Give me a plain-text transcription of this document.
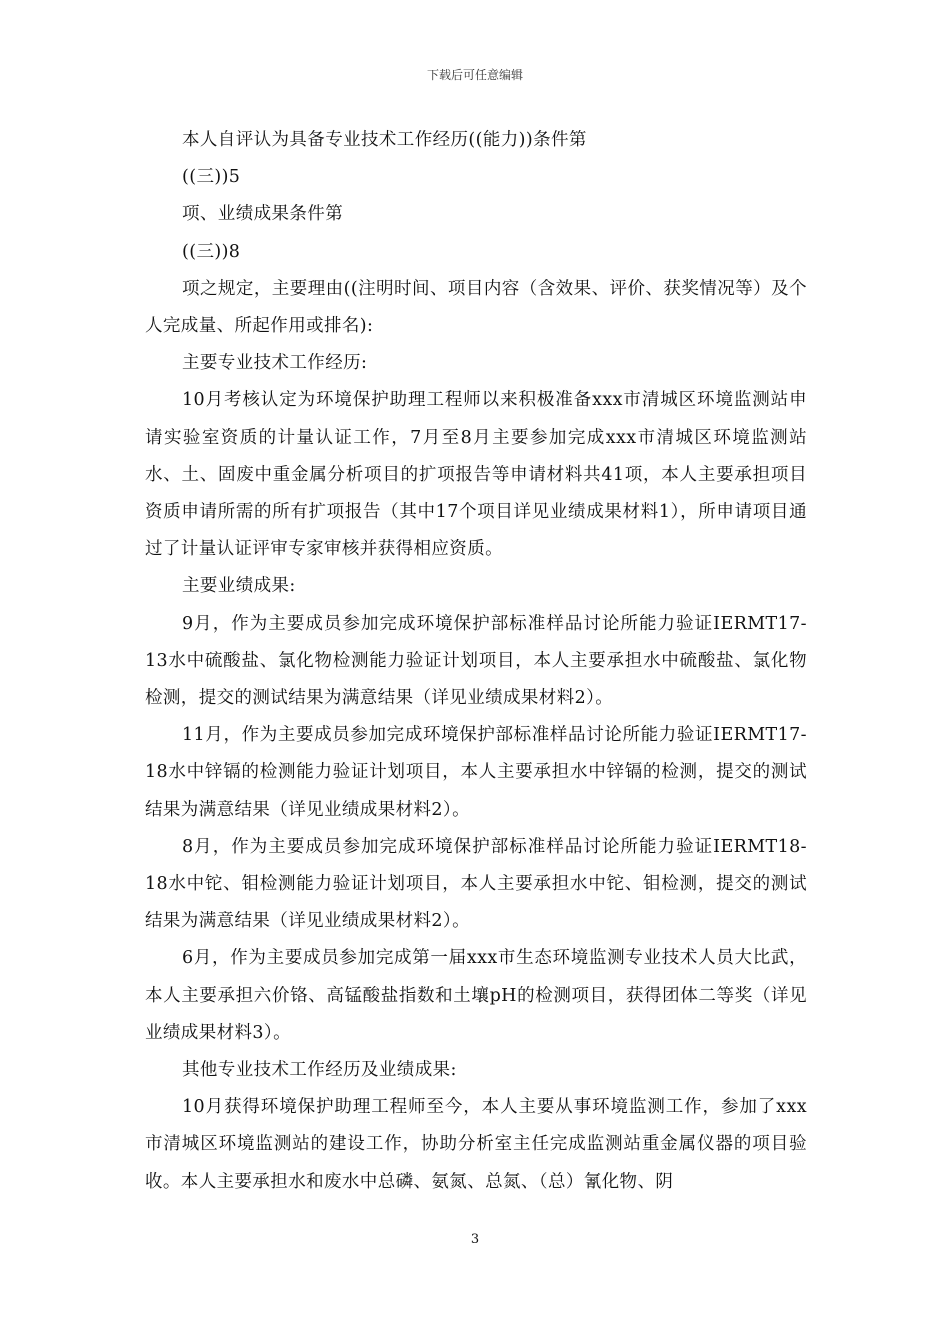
下载后可任意编辑

本人自评认为具备专业技术工作经历((能力))条件第

((三))5

项、业绩成果条件第

((三))8

项之规定，主要理由((注明时间、项目内容（含效果、评价、获奖情况等）及个人完成量、所起作用或排名):

主要专业技术工作经历:

10月考核认定为环境保护助理工程师以来积极准备xxx市清城区环境监测站申请实验室资质的计量认证工作，7月至8月主要参加完成xxx市清城区环境监测站水、土、固废中重金属分析项目的扩项报告等申请材料共41项，本人主要承担项目资质申请所需的所有扩项报告（其中17个项目详见业绩成果材料1），所申请项目通过了计量认证评审专家审核并获得相应资质。

主要业绩成果:

9月，作为主要成员参加完成环境保护部标准样品讨论所能力验证IERMT17-13水中硫酸盐、氯化物检测能力验证计划项目，本人主要承担水中硫酸盐、氯化物检测，提交的测试结果为满意结果（详见业绩成果材料2）。

11月，作为主要成员参加完成环境保护部标准样品讨论所能力验证IERMT17-18水中锌镉的检测能力验证计划项目，本人主要承担水中锌镉的检测，提交的测试结果为满意结果（详见业绩成果材料2）。

8月，作为主要成员参加完成环境保护部标准样品讨论所能力验证IERMT18-18水中铊、钼检测能力验证计划项目，本人主要承担水中铊、钼检测，提交的测试结果为满意结果（详见业绩成果材料2）。

6月，作为主要成员参加完成第一届xxx市生态环境监测专业技术人员大比武，本人主要承担六价铬、高锰酸盐指数和土壤pH的检测项目，获得团体二等奖（详见业绩成果材料3）。

其他专业技术工作经历及业绩成果:

10月获得环境保护助理工程师至今，本人主要从事环境监测工作，参加了xxx市清城区环境监测站的建设工作，协助分析室主任完成监测站重金属仪器的项目验收。本人主要承担水和废水中总磷、氨氮、总氮、（总）氰化物、阴

3
